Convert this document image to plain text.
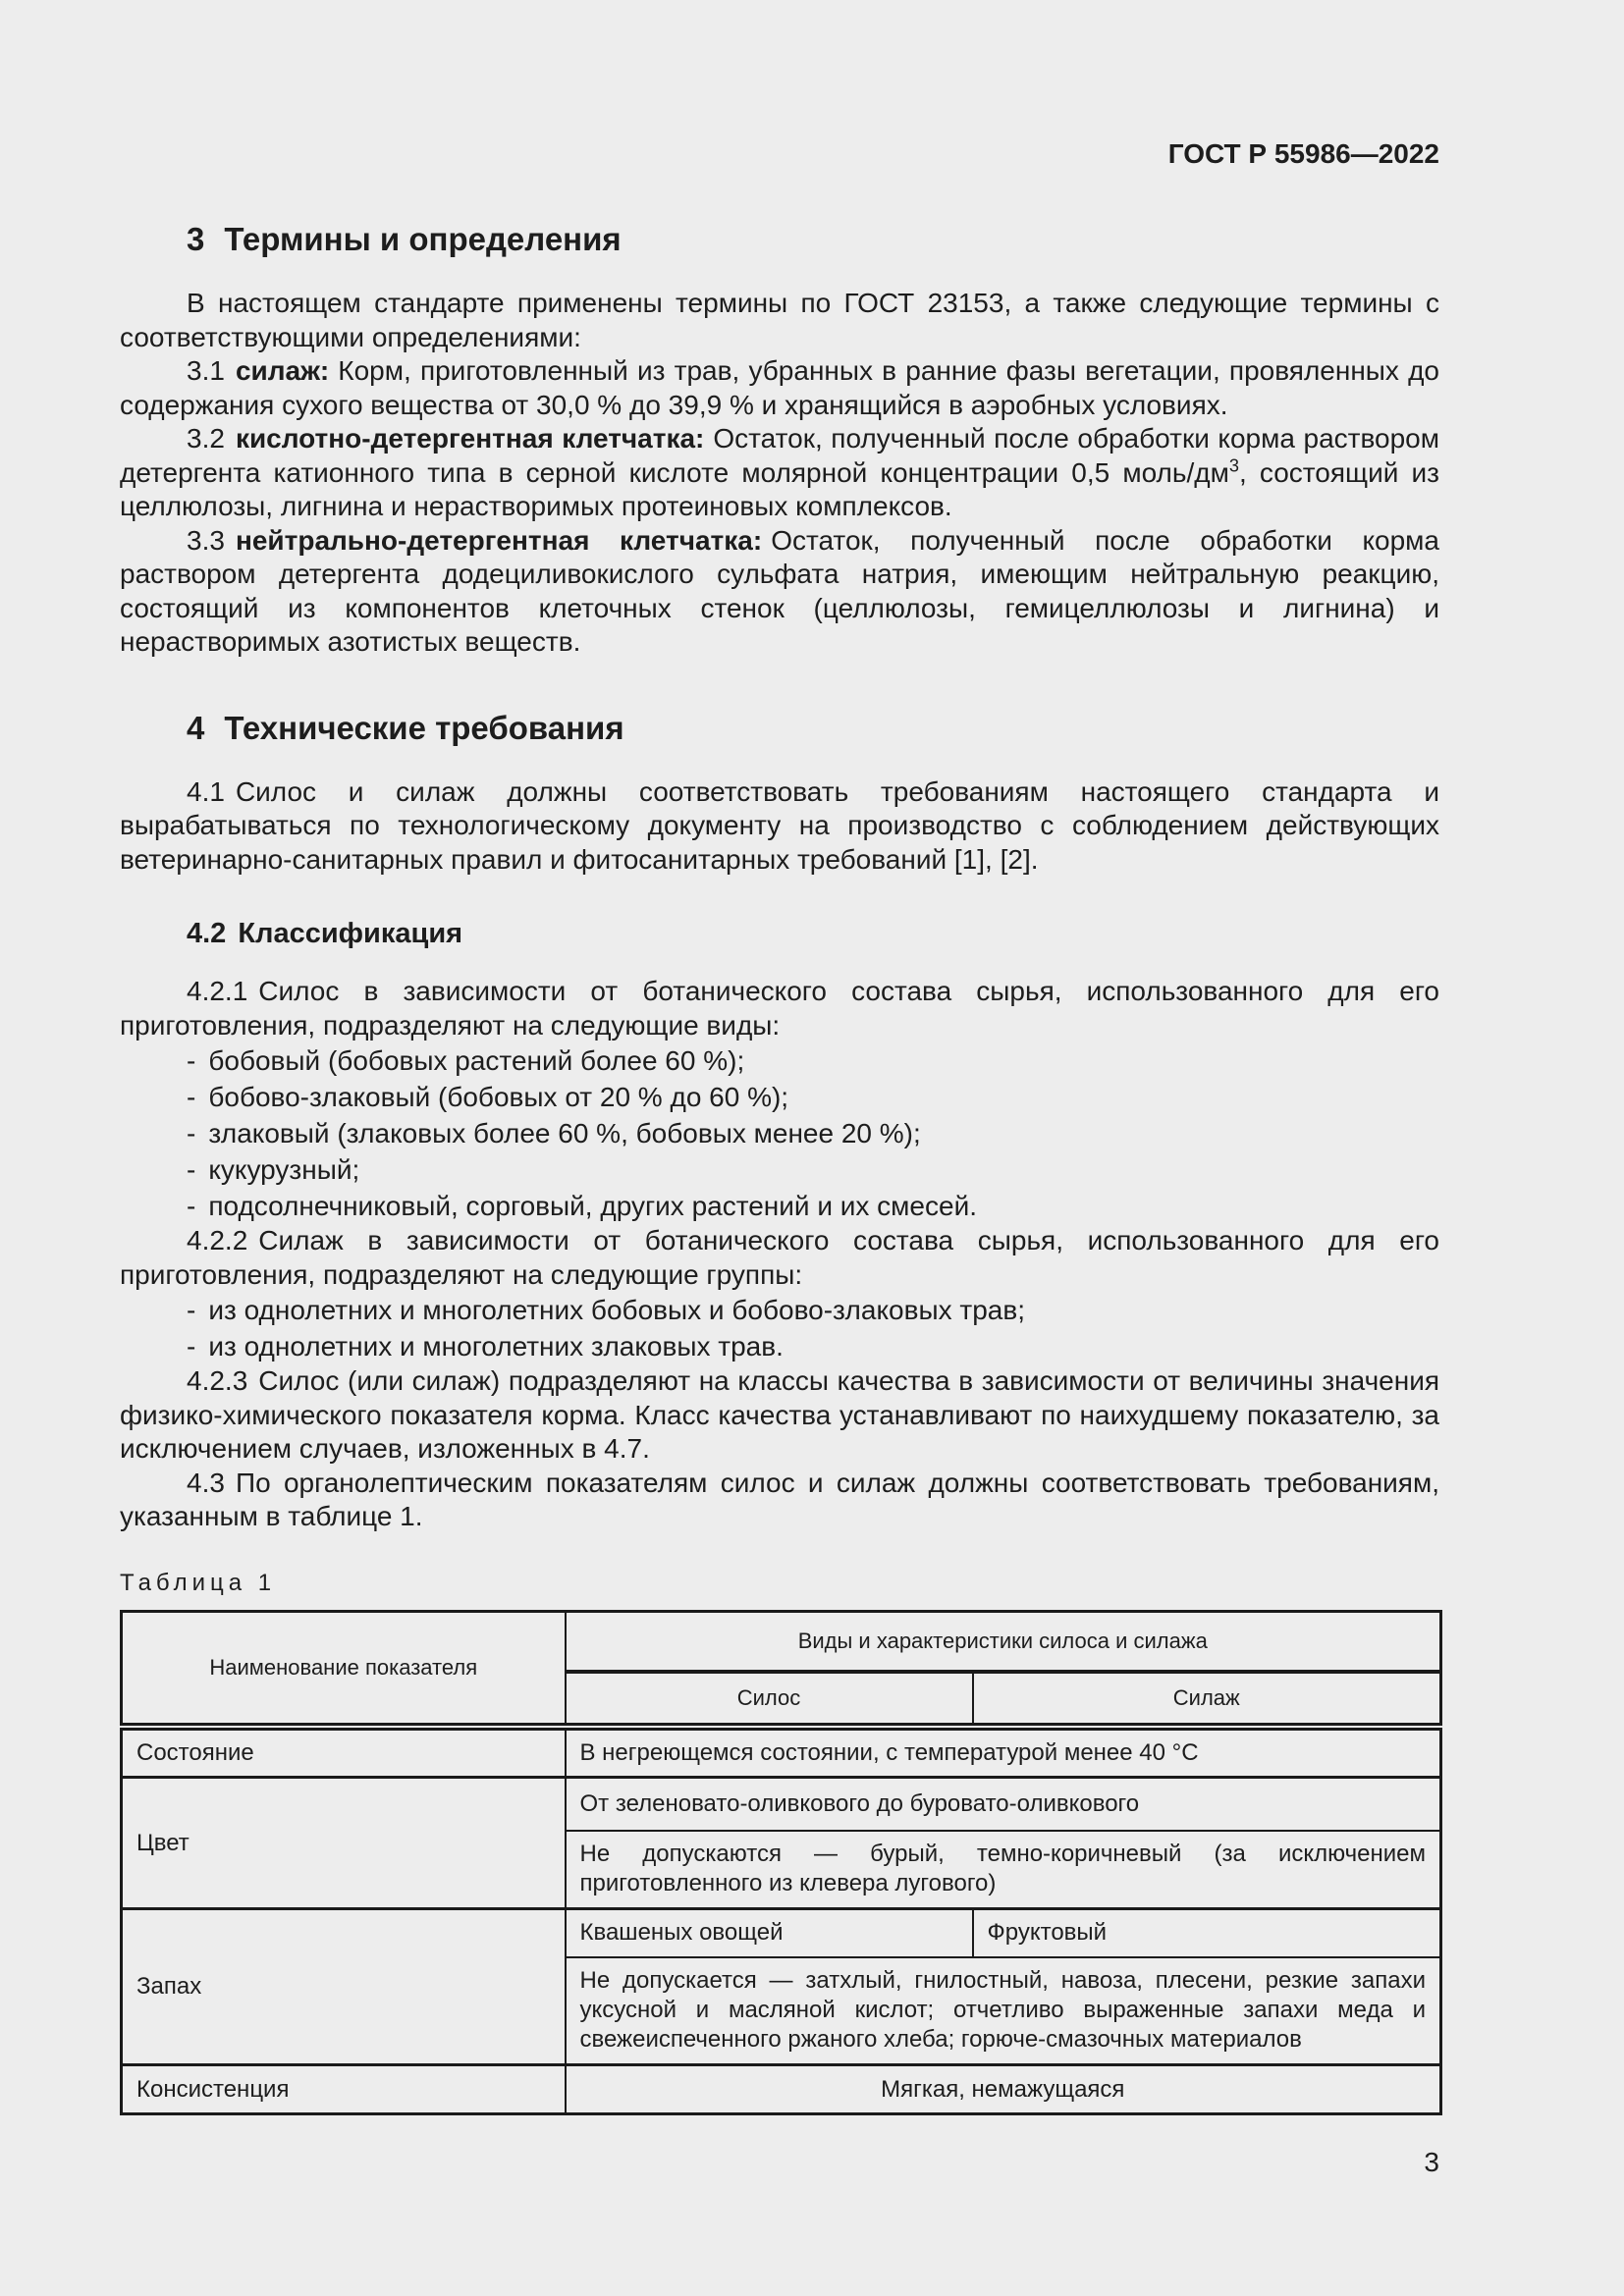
ГОСТ Р 55986—2022
3 Термины и определения

В настоящем стандарте применены термины по ГОСТ 23153, а также следующие термины с соответствующими определениями:

3.1 силаж: Корм, приготовленный из трав, убранных в ранние фазы вегетации, провяленных до содержания сухого вещества от 30,0 % до 39,9 % и хранящийся в аэробных условиях.

3.2 кислотно-детергентная клетчатка: Остаток, полученный после обработки корма раствором детергента катионного типа в серной кислоте молярной концентрации 0,5 моль/$дм^3$, состоящий из целлюлозы, лигнина и нерастворимых протеиновых комплексов.

3.3 нейтрально-детергентная клетчатка: Остаток, полученный после обработки корма раствором детергента додециливокислого сульфата натрия, имеющим нейтральную реакцию, состоящий из компонентов клеточных стенок (целлюлозы, гемицеллюлозы и лигнина) и нерастворимых азотистых веществ.

4 Технические требования

4.1 Силос и силаж должны соответствовать требованиям настоящего стандарта и вырабатываться по технологическому документу на производство с соблюдением действующих ветеринарно-санитарных правил и фитосанитарных требований [1], [2].

4.2 Классификация

4.2.1 Силос в зависимости от ботанического состава сырья, использованного для его приготовления, подразделяют на следующие виды:

- бобовый (бобовых растений более 60 %);
- бобово-злаковый (бобовых от 20 % до 60 %);
- злаковый (злаковых более 60 %, бобовых менее 20 %);
- кукурузный;
- подсолнечниковый, сорговый, других растений и их смесей.

4.2.2 Силаж в зависимости от ботанического состава сырья, использованного для его приготовления, подразделяют на следующие группы:

- из однолетних и многолетних бобовых и бобово-злаковых трав;
- из однолетних и многолетних злаковых трав.

4.2.3 Силос (или силаж) подразделяют на классы качества в зависимости от величины значения физико-химического показателя корма. Класс качества устанавливают по наихудшему показателю, за исключением случаев, изложенных в 4.7.

4.3 По органолептическим показателям силос и силаж должны соответствовать требованиям, указанным в таблице 1.

Таблица 1
Наименование показателя	Виды и характеристики силоса и силажа	
	Силос	Силаж
Состояние	В негреющемся состоянии, с температурой менее 40 °С	
Цвет	От зеленовато-оливкового до буровато-оливкового	
	Не допускаются — бурый, темно-коричневый (за исключением приготовленного из клевера лугового)	
Запах	Квашеных овощей	Фруктовый
	Не допускается — затхлый, гнилостный, навоза, плесени, резкие запахи уксусной и масляной кислот; отчетливо выраженные запахи меда и свежеиспеченного ржаного хлеба; горюче-смазочных материалов	
Консистенция	Мягкая, немажущаяся	
3
